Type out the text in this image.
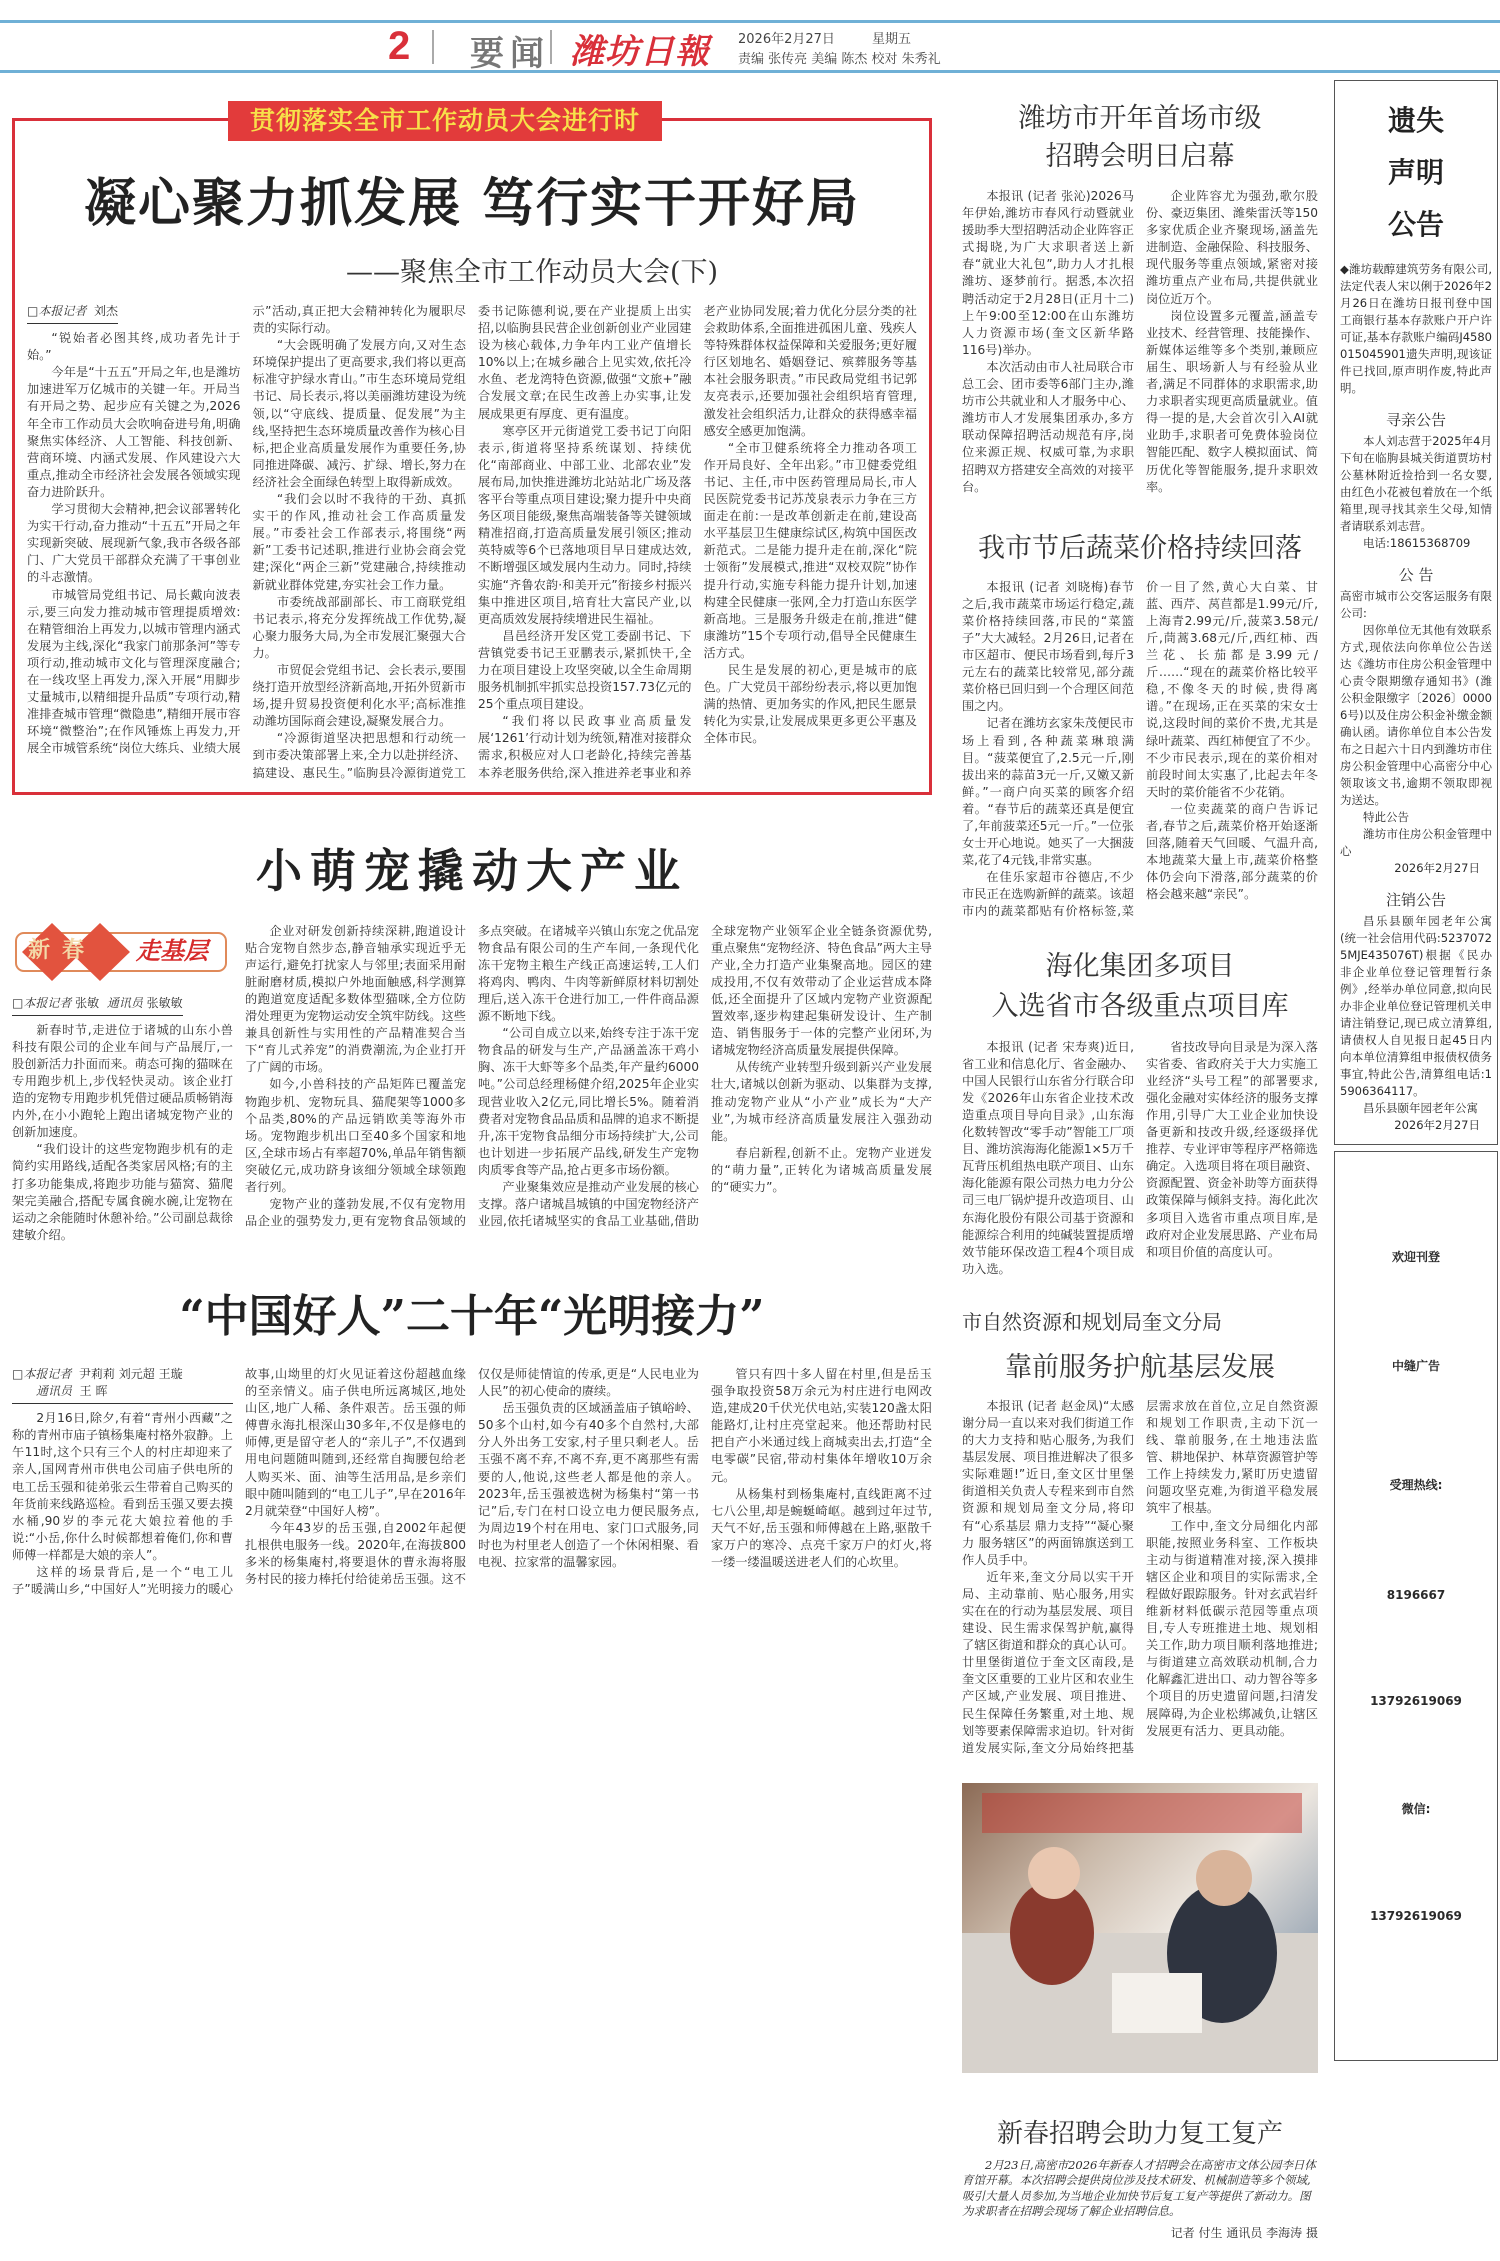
2 要闻 潍坊日報 2026年2月27日	星期五
责编 张传亮 美编 陈杰 校对 朱秀礼
贯彻落实全市工作动员大会进行时
凝心聚力抓发展 笃行实干开好局
——聚焦全市工作动员大会(下)
□本报记者 刘杰

“锐始者必图其终,成功者先计于始。”

今年是“十五五”开局之年,也是潍坊加速进军万亿城市的关键一年。开局当有开局之势、起步应有关键之为,2026年全市工作动员大会吹响奋进号角,明确聚焦实体经济、人工智能、科技创新、营商环境、内涵式发展、作风建设六大重点,推动全市经济社会发展各领域实现奋力进阶跃升。

学习贯彻大会精神,把会议部署转化为实干行动,奋力推动“十五五”开局之年实现新突破、展现新气象,我市各级各部门、广大党员干部群众充满了干事创业的斗志激情。

市城管局党组书记、局长戴向波表示,要三向发力推动城市管理提质增效:在精管细治上再发力,以城市管理内涵式发展为主线,深化“我家门前那条河”等专项行动,推动城市文化与管理深度融合;在一线攻坚上再发力,深入开展“用脚步丈量城市,以精细提升品质”专项行动,精准排查城市管理“微隐患”,精细开展市容环境“微整治”;在作风锤炼上再发力,开展全市城管系统“岗位大练兵、业绩大展示”活动,真正把大会精神转化为履职尽责的实际行动。

“大会既明确了发展方向,又对生态环境保护提出了更高要求,我们将以更高标准守护绿水青山。”市生态环境局党组书记、局长表示,将以美丽潍坊建设为统领,以“守底线、提质量、促发展”为主线,坚持把生态环境质量改善作为核心目标,把企业高质量发展作为重要任务,协同推进降碳、减污、扩绿、增长,努力在经济社会全面绿色转型上取得新成效。

“我们会以时不我待的干劲、真抓实干的作风,推动社会工作高质量发展。”市委社会工作部表示,将围绕“两新”工委书记述职,推进行业协会商会党建;深化“两企三新”党建融合,持续推动新就业群体党建,夯实社会工作力量。

市委统战部副部长、市工商联党组书记表示,将充分发挥统战工作优势,凝心聚力服务大局,为全市发展汇聚强大合力。

市贸促会党组书记、会长表示,要围绕打造开放型经济新高地,开拓外贸新市场,提升贸易投资便利化水平;高标准推动潍坊国际商会建设,凝聚发展合力。

“冷源街道坚决把思想和行动统一到市委决策部署上来,全力以赴拼经济、搞建设、惠民生。”临朐县冷源街道党工委书记陈德利说,要在产业提质上出实招,以临朐县民营企业创新创业产业园建设为核心载体,力争年内工业产值增长10%以上;在城乡融合上见实效,依托冷水鱼、老龙湾特色资源,做强“文旅+”融合发展文章;在民生改善上办实事,让发展成果更有厚度、更有温度。

寒亭区开元街道党工委书记丁向阳表示,街道将坚持系统谋划、持续优化“南部商业、中部工业、北部农业”发展布局,加快推进潍坊北站站北广场及落客平台等重点项目建设;聚力提升中央商务区项目能级,聚焦高端装备等关键领域精准招商,打造高质量发展引领区;推动英特威等6个已落地项目早日建成达效,不断增强区域发展内生动力。同时,持续实施“齐鲁农韵·和美开元”衔接乡村振兴集中推进区项目,培育壮大富民产业,以更高质效发展持续增进民生福祉。

昌邑经济开发区党工委副书记、下营镇党委书记王亚鹏表示,紧抓快干,全力在项目建设上攻坚突破,以全生命周期服务机制抓牢抓实总投资157.73亿元的25个重点项目建设。

“我们将以民政事业高质量发展‘1261’行动计划为统领,精准对接群众需求,积极应对人口老龄化,持续完善基本养老服务供给,深入推进养老事业和养老产业协同发展;着力优化分层分类的社会救助体系,全面推进孤困儿童、残疾人等特殊群体权益保障和关爱服务;更好履行区划地名、婚姻登记、殡葬服务等基本社会服务职责。”市民政局党组书记郭友亮表示,还要加强社会组织培育管理,激发社会组织活力,让群众的获得感幸福感安全感更加饱满。

“全市卫健系统将全力推动各项工作开局良好、全年出彩。”市卫健委党组书记、主任,市中医药管理局局长,市人民医院党委书记苏茂泉表示力争在三方面走在前:一是改革创新走在前,建设高水平基层卫生健康综试区,构筑中国医改新范式。二是能力提升走在前,深化“院士领衔”发展模式,推进“双校双院”协作提升行动,实施专科能力提升计划,加速构建全民健康一张网,全力打造山东医学新高地。三是服务升级走在前,推进“健康潍坊”15个专项行动,倡导全民健康生活方式。

民生是发展的初心,更是城市的底色。广大党员干部纷纷表示,将以更加饱满的热情、更加务实的作风,把民生愿景转化为实景,让发展成果更多更公平惠及全体市民。

小萌宠撬动大产业
新春 走基层
□本报记者 张敏 通讯员 张敏敏

新春时节,走进位于诸城的山东小兽科技有限公司的企业车间与产品展厅,一股创新活力扑面而来。萌态可掬的猫咪在专用跑步机上,步伐轻快灵动。该企业打造的宠物专用跑步机凭借过硬品质畅销海内外,在小小跑轮上跑出诸城宠物产业的创新加速度。

“我们设计的这些宠物跑步机有的走简约实用路线,适配各类家居风格;有的主打多功能集成,将跑步功能与猫窝、猫爬架完美融合,搭配专属食碗水碗,让宠物在运动之余能随时休憩补给。”公司副总裁徐建敏介绍。

企业对研发创新持续深耕,跑道设计贴合宠物自然步态,静音轴承实现近乎无声运行,避免打扰家人与邻里;表面采用耐脏耐磨材质,模拟户外地面触感,科学测算的跑道宽度适配多数体型猫咪,全方位防滑处理更为宠物运动安全筑牢防线。这些兼具创新性与实用性的产品精准契合当下“育儿式养宠”的消费潮流,为企业打开了广阔的市场。

如今,小兽科技的产品矩阵已覆盖宠物跑步机、宠物玩具、猫爬架等1000多个品类,80%的产品远销欧美等海外市场。宠物跑步机出口至40多个国家和地区,全球市场占有率超70%,单品年销售额突破亿元,成功跻身该细分领域全球领跑者行列。

宠物产业的蓬勃发展,不仅有宠物用品企业的强势发力,更有宠物食品领域的多点突破。在诸城辛兴镇山东宠之优品宠物食品有限公司的生产车间,一条现代化冻干宠物主粮生产线正高速运转,工人们将鸡肉、鸭肉、牛肉等新鲜原材料切割处理后,送入冻干仓进行加工,一件件商品源源不断地下线。

“公司自成立以来,始终专注于冻干宠物食品的研发与生产,产品涵盖冻干鸡小胸、冻干大虾等多个品类,年产量约6000吨。”公司总经理杨健介绍,2025年企业实现营业收入2亿元,同比增长5%。随着消费者对宠物食品品质和品牌的追求不断提升,冻干宠物食品细分市场持续扩大,公司也计划进一步拓展产品线,研发生产宠物肉质零食等产品,抢占更多市场份额。

产业聚集效应是推动产业发展的核心支撑。落户诸城昌城镇的中国宠物经济产业园,依托诸城坚实的食品工业基础,借助全球宠物产业领军企业全链条资源优势,重点聚焦“宠物经济、特色食品”两大主导产业,全力打造产业集聚高地。园区的建成投用,不仅有效带动了企业运营成本降低,还全面提升了区域内宠物产业资源配置效率,逐步构建起集研发设计、生产制造、销售服务于一体的完整产业闭环,为诸城宠物经济高质量发展提供保障。

从传统产业转型升级到新兴产业发展壮大,诸城以创新为驱动、以集群为支撑,推动宠物产业从“小产业”成长为“大产业”,为城市经济高质量发展注入强劲动能。

春启新程,创新不止。宠物产业迸发的“萌力量”,正转化为诸城高质量发展的“硬实力”。

“中国好人”二十年“光明接力”
□本报记者 尹莉莉 刘元超 王璇
通讯员 王 晖

2月16日,除夕,有着“青州小西藏”之称的青州市庙子镇杨集庵村格外寂静。上午11时,这个只有三个人的村庄却迎来了亲人,国网青州市供电公司庙子供电所的电工岳玉强和徒弟张云生带着自己购买的年货前来线路巡检。看到岳玉强又要去摸水桶,90岁的李元花大娘拉着他的手说:“小岳,你什么时候都想着俺们,你和曹师傅一样都是大娘的亲人”。

这样的场景背后,是一个“电工儿子”暖满山乡,“中国好人”光明接力的暖心故事,山坳里的灯火见证着这份超越血缘的至亲情义。庙子供电所远离城区,地处山区,地广人稀、条件艰苦。岳玉强的师傅曹永海扎根深山30多年,不仅是修电的师傅,更是留守老人的“亲儿子”,不仅遇到用电问题随叫随到,还经常自掏腰包给老人购买米、面、油等生活用品,是乡亲们眼中随叫随到的“电工儿子”,早在2016年2月就荣登“中国好人榜”。

今年43岁的岳玉强,自2002年起便扎根供电服务一线。2020年,在海拔800多米的杨集庵村,将要退休的曹永海将服务村民的接力棒托付给徒弟岳玉强。这不仅仅是师徒情谊的传承,更是“人民电业为人民”的初心使命的赓续。

岳玉强负责的区域涵盖庙子镇峪岭、50多个山村,如今有40多个自然村,大部分人外出务工安家,村子里只剩老人。岳玉强不离不弃,不离不弃,更不离那些有需要的人,他说,这些老人都是他的亲人。2023年,岳玉强被选树为杨集村“第一书记”后,专门在村口设立电力便民服务点,为周边19个村在用电、家门口式服务,同时也为村里老人创造了一个休闲相聚、看电视、拉家常的温馨家园。

管只有四十多人留在村里,但是岳玉强争取投资58万余元为村庄进行电网改造,建成20千伏光伏电站,实装120盏太阳能路灯,让村庄亮堂起来。他还帮助村民把自产小米通过线上商城卖出去,打造“全电零碳”民宿,带动村集体年增收10万余元。

从杨集村到杨集庵村,直线距离不过七八公里,却是蜿蜒崎岖。越到过年过节,天气不好,岳玉强和师傅越在上路,驱散千家万户的寒冷、点亮千家万户的灯火,将一缕一缕温暖送进老人们的心坎里。

潍坊市开年首场市级
招聘会明日启幕

本报讯 (记者 张沁)2026马年伊始,潍坊市春风行动暨就业援助季大型招聘活动企业阵容正式揭晓,为广大求职者送上新春“就业大礼包”,助力人才扎根潍坊、逐梦前行。据悉,本次招聘活动定于2月28日(正月十二)上午9:00至12:00在山东潍坊人力资源市场(奎文区新华路116号)举办。

本次活动由市人社局联合市总工会、团市委等6部门主办,潍坊市公共就业和人才服务中心、潍坊市人才发展集团承办,多方联动保障招聘活动规范有序,岗位来源正规、权威可靠,为求职招聘双方搭建安全高效的对接平台。

企业阵容尤为强劲,歌尔股份、豪迈集团、潍柴雷沃等150多家优质企业齐聚现场,涵盖先进制造、金融保险、科技服务、现代服务等重点领域,紧密对接潍坊重点产业布局,共提供就业岗位近万个。

岗位设置多元覆盖,涵盖专业技术、经营管理、技能操作、新媒体运维等多个类别,兼顾应届生、职场新人与有经验从业者,满足不同群体的求职需求,助力求职者实现更高质量就业。值得一提的是,大会首次引入AI就业助手,求职者可免费体验岗位智能匹配、数字人模拟面试、简历优化等智能服务,提升求职效率。

我市节后蔬菜价格持续回落

本报讯 (记者 刘晓梅)春节之后,我市蔬菜市场运行稳定,蔬菜价格持续回落,市民的“菜篮子”大大减轻。2月26日,记者在市区超市、便民市场看到,每斤3元左右的蔬菜比较常见,部分蔬菜价格已回归到一个合理区间范围之内。

记者在潍坊玄家朱茂便民市场上看到,各种蔬菜琳琅满目。“菠菜便宜了,2.5元一斤,刚拔出来的蒜苗3元一斤,又嫩又新鲜。”一商户向买菜的顾客介绍着。“春节后的蔬菜还真是便宜了,年前菠菜还5元一斤。”一位张女士开心地说。她买了一大捆菠菜,花了4元钱,非常实惠。

在佳乐家超市谷德店,不少市民正在选购新鲜的蔬菜。该超市内的蔬菜都贴有价格标签,菜价一目了然,黄心大白菜、甘蓝、西芹、莴苣都是1.99元/斤,上海青2.99元/斤,菠菜3.58元/斤,茼蒿3.68元/斤,西红柿、西兰花、长茄都是3.99元/斤……“现在的蔬菜价格比较平稳,不像冬天的时候,贵得离谱。”在现场,正在买菜的宋女士说,这段时间的菜价不贵,尤其是绿叶蔬菜、西红柿便宜了不少。不少市民表示,现在的菜价相对前段时间太实惠了,比起去年冬天时的菜价能省不少花销。

一位卖蔬菜的商户告诉记者,春节之后,蔬菜价格开始逐渐回落,随着天气回暖、气温升高,本地蔬菜大量上市,蔬菜价格整体仍会向下滑落,部分蔬菜的价格会越来越“亲民”。

海化集团多项目
入选省市各级重点项目库

本报讯 (记者 宋寿爽)近日,省工业和信息化厅、省金融办、中国人民银行山东省分行联合印发《2026年山东省企业技术改造重点项目导向目录》,山东海化数转智改“零手动”智能工厂项目、潍坊滨海海化能源1×5万千瓦背压机组热电联产项目、山东海化能源有限公司热力电力分公司三电厂锅炉提升改造项目、山东海化股份有限公司基于资源和能源综合利用的纯碱装置提质增效节能环保改造工程4个项目成功入选。

省技改导向目录是为深入落实省委、省政府关于大力实施工业经济“头号工程”的部署要求,强化金融对实体经济的服务支撑作用,引导广大工业企业加快设备更新和技改升级,经逐级择优推荐、专业评审等程序严格筛选确定。入选项目将在项目融资、资源配置、资金补助等方面获得政策保障与倾斜支持。海化此次多项目入选省市重点项目库,是政府对企业发展思路、产业布局和项目价值的高度认可。

市自然资源和规划局奎文分局
靠前服务护航基层发展

本报讯 (记者 赵金凤)“太感谢分局一直以来对我们街道工作的大力支持和贴心服务,为我们基层发展、项目推进解决了很多实际难题!”近日,奎文区廿里堡街道相关负责人专程来到市自然资源和规划局奎文分局,将印有“心系基层 鼎力支持”“凝心聚力 服务辖区”的两面锦旗送到工作人员手中。

近年来,奎文分局以实干开局、主动靠前、贴心服务,用实实在在的行动为基层发展、项目建设、民生需求保驾护航,赢得了辖区街道和群众的真心认可。廿里堡街道位于奎文区南段,是奎文区重要的工业片区和农业生产区域,产业发展、项目推进、民生保障任务繁重,对土地、规划等要素保障需求迫切。针对街道发展实际,奎文分局始终把基层需求放在首位,立足自然资源和规划工作职责,主动下沉一线、靠前服务,在土地违法监管、耕地保护、林草资源管护等工作上持续发力,紧盯历史遗留问题攻坚克难,为街道平稳发展筑牢了根基。

工作中,奎文分局细化内部职能,按照业务科室、工作板块主动与街道精准对接,深入摸排辖区企业和项目的实际需求,全程做好跟踪服务。针对玄武岩纤维新材料低碳示范园等重点项目,专人专班推进土地、规划相关工作,助力项目顺利落地推进;与街道建立高效联动机制,合力化解鑫汇进出口、动力智谷等多个项目的历史遗留问题,扫清发展障碍,为企业松绑减负,让辖区发展更有活力、更具动能。

新春招聘会助力复工复产
2月23日,高密市2026年新春人才招聘会在高密市文体公园李日体育馆开幕。本次招聘会提供岗位涉及技术研发、机械制造等多个领域,吸引大量人员参加,为当地企业加快节后复工复产等提供了新动力。图为求职者在招聘会现场了解企业招聘信息。
记者 付生 通讯员 李海涛 摄
遗失
声明
公告
◆潍坊载醇建筑劳务有限公司,法定代表人宋以俐于2026年2月26日在潍坊日报刊登中国工商银行基本存款账户开户许可证,基本存款账户编码J4580015045901遗失声明,现该证件已找回,原声明作废,特此声明。
寻亲公告
本人刘志营于2025年4月下旬在临朐县城关街道贾坊村公墓林附近捡拾到一名女婴,由红色小花被包着放在一个纸箱里,现寻找其亲生父母,知情者请联系刘志营。
电话:18615368709
公 告
高密市城市公交客运服务有限公司:
因你单位无其他有效联系方式,现依法向你单位公告送达《潍坊市住房公积金管理中心责令限期缴存通知书》(潍公积金限缴字〔2026〕00006号)以及住房公积金补缴金额确认函。请你单位自本公告发布之日起六十日内到潍坊市住房公积金管理中心高密分中心领取该文书,逾期不领取即视为送达。
特此公告
潍坊市住房公积金管理中心
2026年2月27日
注销公告
昌乐县颐年园老年公寓(统一社会信用代码:52370725MJE4350​76T)根据《民办非企业单位登记管理暂行条例》,经举办单位同意,拟向民办非企业单位登记管理机关申请注销登记,现已成立清算组,请债权人自见报日起45日内向本单位清算组申报债权债务事宜,特此公告,清算组电话:15906364117。
昌乐县颐年园老年公寓
2026年2月27日
欢迎刊登
中缝广告
受理热线:
8196667
13792619069
微信:
13792619069
